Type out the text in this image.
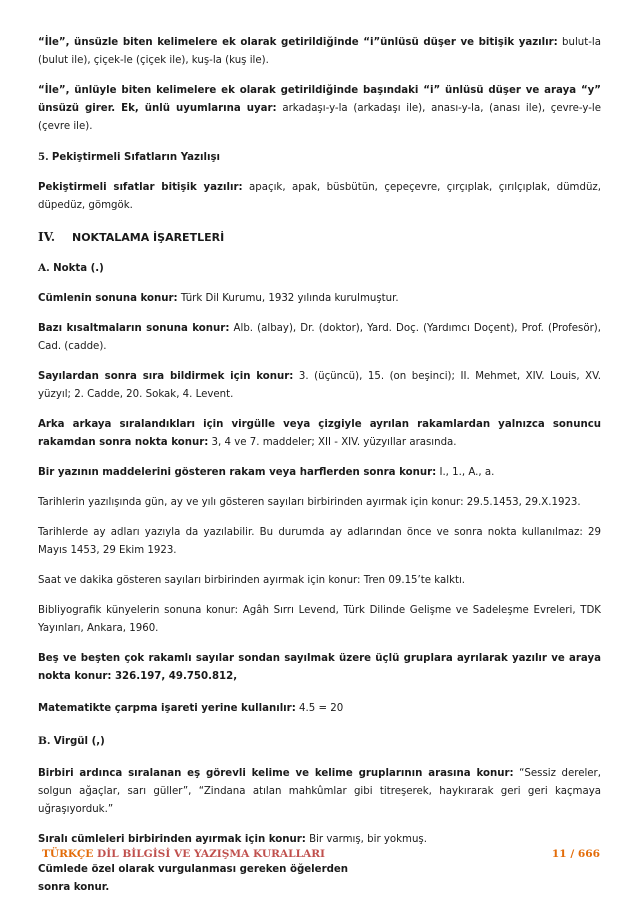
“İle”, ünsüzle biten kelimelere ek olarak getirildiğinde “i”ünlüsü düşer ve bitişik yazılır: bulut-la (bulut ile), çiçek-le (çiçek ile), kuş-la (kuş ile).

“İle”, ünlüyle biten kelimelere ek olarak getirildiğinde başındaki “i” ünlüsü düşer ve araya “y” ünsüzü girer. Ek, ünlü uyumlarına uyar: arkadaşı-y-la (arkadaşı ile), anası-y-la, (anası ile), çevre-y-le (çevre ile).

5. Pekiştirmeli Sıfatların Yazılışı

Pekiştirmeli sıfatlar bitişik yazılır: apaçık, apak, büsbütün, çepeçevre, çırçıplak, çırılçıplak, dümdüz, düpedüz, gömgök.

IV. NOKTALAMA İŞARETLERİ

A. Nokta (.)

Cümlenin sonuna konur: Türk Dil Kurumu, 1932 yılında kurulmuştur.

Bazı kısaltmaların sonuna konur: Alb. (albay), Dr. (doktor), Yard. Doç. (Yardımcı Doçent), Prof. (Profesör), Cad. (cadde).

Sayılardan sonra sıra bildirmek için konur: 3. (üçüncü), 15. (on beşinci); II. Mehmet, XIV. Louis, XV. yüzyıl; 2. Cadde, 20. Sokak, 4. Levent.

Arka arkaya sıralandıkları için virgülle veya çizgiyle ayrılan rakamlardan yalnızca sonuncu rakamdan sonra nokta konur: 3, 4 ve 7. maddeler; XII - XIV. yüzyıllar arasında.

Bir yazının maddelerini gösteren rakam veya harflerden sonra konur: I., 1., A., a.

Tarihlerin yazılışında gün, ay ve yılı gösteren sayıları birbirinden ayırmak için konur: 29.5.1453, 29.X.1923.

Tarihlerde ay adları yazıyla da yazılabilir. Bu durumda ay adlarından önce ve sonra nokta kullanılmaz: 29 Mayıs 1453, 29 Ekim 1923.

Saat ve dakika gösteren sayıları birbirinden ayırmak için konur: Tren 09.15’te kalktı.

Bibliyografik künyelerin sonuna konur: Agâh Sırrı Levend, Türk Dilinde Gelişme ve Sadeleşme Evreleri, TDK Yayınları, Ankara, 1960.

Beş ve beşten çok rakamlı sayılar sondan sayılmak üzere üçlü gruplara ayrılarak yazılır ve araya nokta konur: 326.197, 49.750.812,

Matematikte çarpma işareti yerine kullanılır: 4.5 = 20

B. Virgül (,)

Birbiri ardınca sıralanan eş görevli kelime ve kelime gruplarının arasına konur: “Sessiz dereler, solgun ağaçlar, sarı güller”, “Zindana atılan mahkûmlar gibi titreşerek, haykırarak geri geri kaçmaya uğraşıyorduk.”

Sıralı cümleleri birbirinden ayırmak için konur: Bir varmış, bir yokmuş.

Cümlede özel olarak vurgulanması gereken öğelerden sonra konur.

TÜRKÇE DİL BİLGİSİ VE YAZIŞMA KURALLARI	11 / 666
